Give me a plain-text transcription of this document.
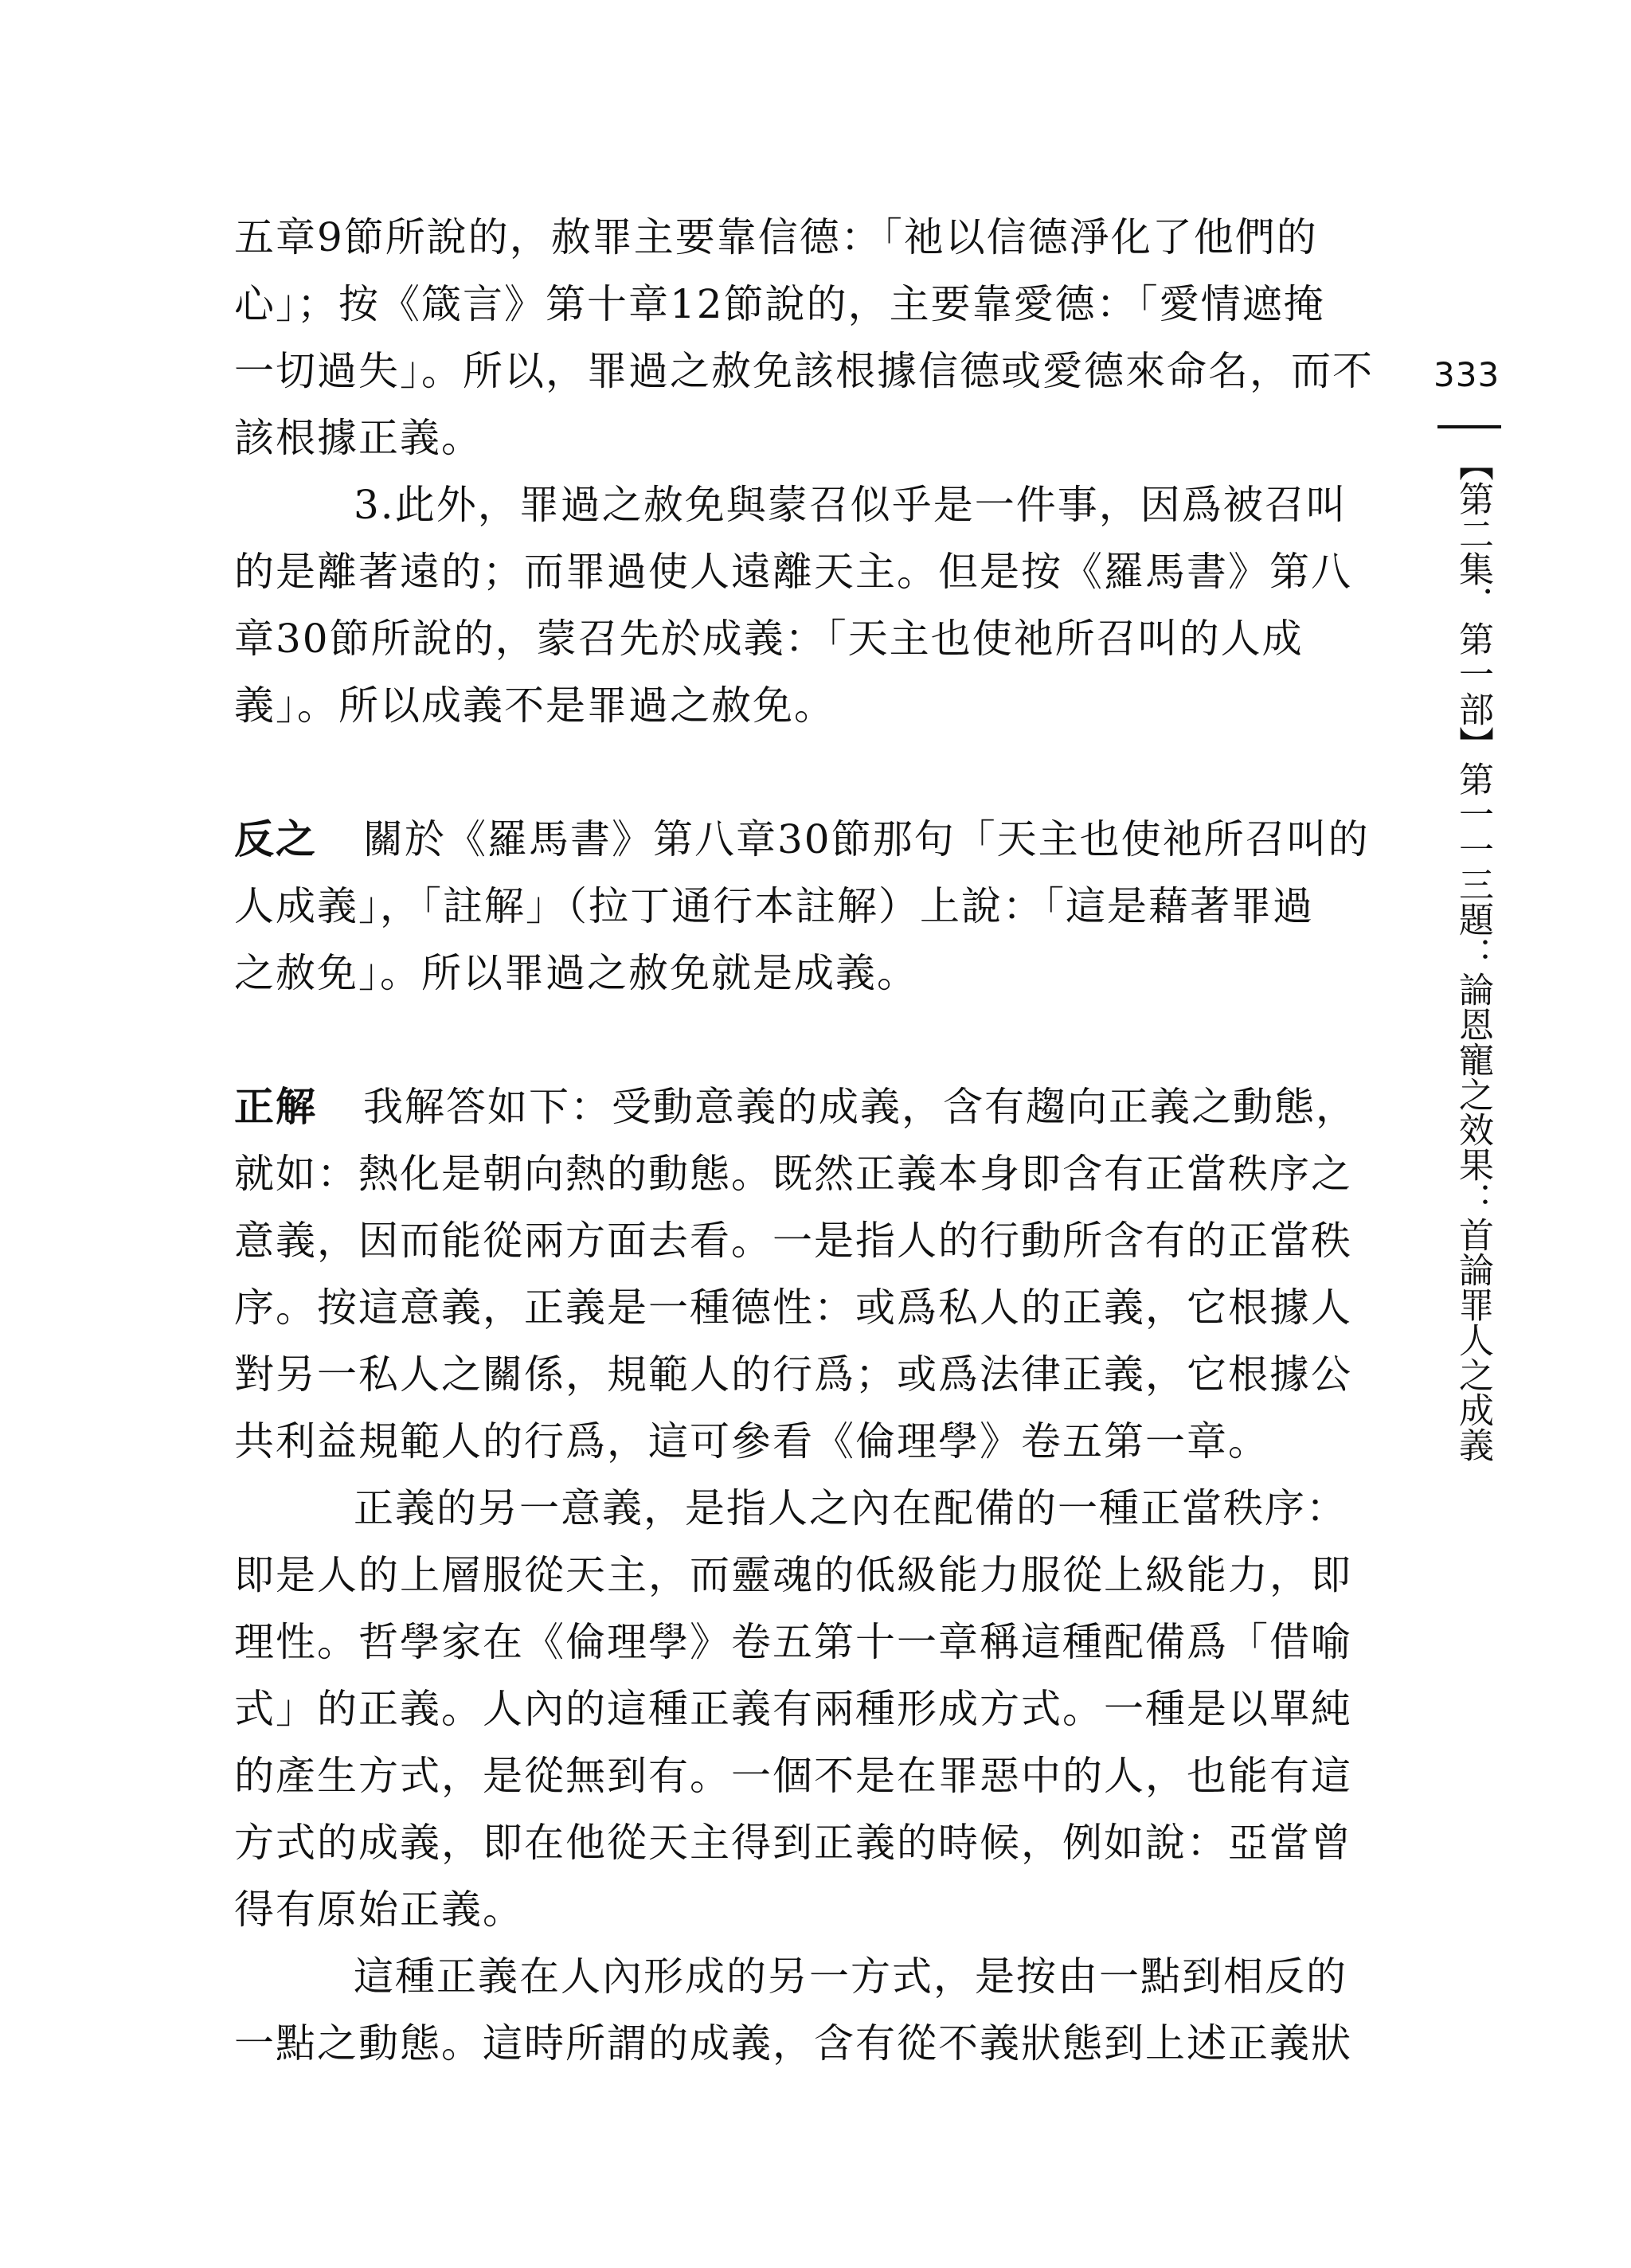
五章9節所說的，赦罪主要靠信德：「祂以信德淨化了他們的
心」；按《箴言》第十章12節說的，主要靠愛德：「愛情遮掩
一切過失」。所以，罪過之赦免該根據信德或愛德來命名，而不
該根據正義。

3.此外，罪過之赦免與蒙召似乎是一件事，因爲被召叫
的是離著遠的；而罪過使人遠離天主。但是按《羅馬書》第八
章30節所說的，蒙召先於成義：「天主也使祂所召叫的人成
義」。所以成義不是罪過之赦免。

反之 關於《羅馬書》第八章30節那句「天主也使祂所召叫的
人成義」，「註解」（拉丁通行本註解）上說：「這是藉著罪過
之赦免」。所以罪過之赦免就是成義。

正解 我解答如下：受動意義的成義，含有趨向正義之動態，
就如：熱化是朝向熱的動態。既然正義本身即含有正當秩序之
意義，因而能從兩方面去看。一是指人的行動所含有的正當秩
序。按這意義，正義是一種德性：或爲私人的正義，它根據人
對另一私人之關係，規範人的行爲；或爲法律正義，它根據公
共利益規範人的行爲，這可參看《倫理學》卷五第一章。

正義的另一意義，是指人之內在配備的一種正當秩序：
即是人的上層服從天主，而靈魂的低級能力服從上級能力，即
理性。哲學家在《倫理學》卷五第十一章稱這種配備爲「借喻
式」的正義。人內的這種正義有兩種形成方式。一種是以單純
的產生方式，是從無到有。一個不是在罪惡中的人，也能有這
方式的成義，即在他從天主得到正義的時候，例如說：亞當曾
得有原始正義。

這種正義在人內形成的另一方式，是按由一點到相反的
一點之動態。這時所謂的成義，含有從不義狀態到上述正義狀

333
【第二集．第一部】第一一三題：論恩寵之效果：首論罪人之成義
